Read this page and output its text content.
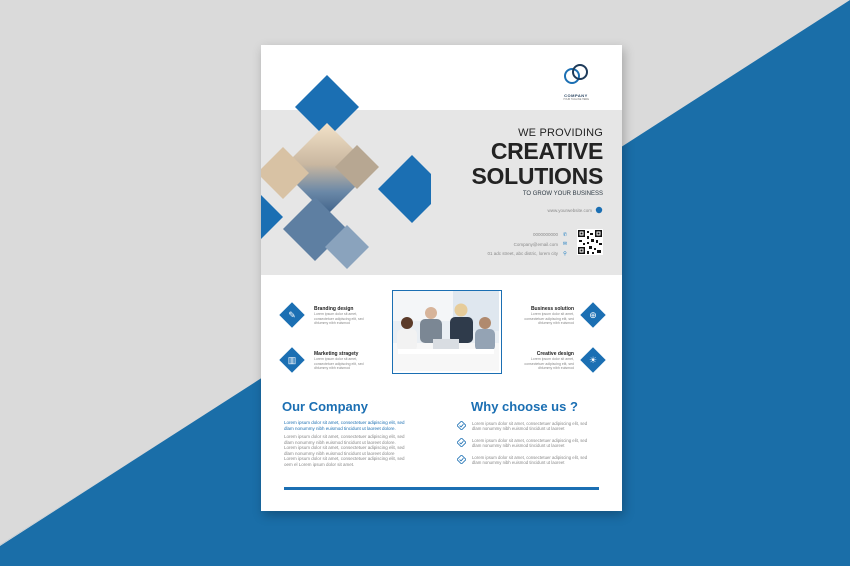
COMPANY
YOUR TAGLINE HERE
WE PROVIDING
CREATIVE
SOLUTIONS
TO GROW YOUR BUSINESS
www.yourwebsite.com
0000000000 ✆
Company@email.com ✉
01 adc street, abc distric, lorem city ⚲
✎
Branding design
Lorem ipsum dolor sit amet,
consectetuer adipiscing elit, sed
dhlummy nibh euismod
▥
Marketing stragety
Lorem ipsum dolor sit amet,
consectetuer adipiscing elit, sed
dhlummy nibh euismod
⊕
Business solution
Lorem ipsum dolor sit amet,
consectetuer adipiscing elit, sed
dhlummy nibh euismod
☀
Creative design
Lorem ipsum dolor sit amet,
consectetuer adipiscing elit, sed
dhlummy nibh euismod
Our Company
Lorem ipsum dolor sit amet, consectetuer adipiscing elit, sed
dlam nonummy nibh euismod tincidunt ut laoreet dolore.
Lorem ipsum dolor sit amet, consectetuer adipiscing elit, sed
dlam nonummy nibh euismod tincidunt ut laoreet dolore.
Lorem ipsum dolor sit amet, consectetuer adipiscing elit, sed
dlam nonummy nibh euismod tincidunt ut laoreet dolore
Lorem ipsum dolor sit amet, consectetuer adipiscing elit, sed
oem el Lorem ipsum dolor sit amet.
Why choose us ?
Lorem ipsum dolor sit amet, consectetuer adipiscing elit, sed
dlam nonummy nibh euismod tincidunt ut laoreet
Lorem ipsum dolor sit amet, consectetuer adipiscing elit, sed
dlam nonummy nibh euismod tincidunt ut laoreet
Lorem ipsum dolor sit amet, consectetuer adipiscing elit, sed
dlam nonummy nibh euismod tincidunt ut laoreet
